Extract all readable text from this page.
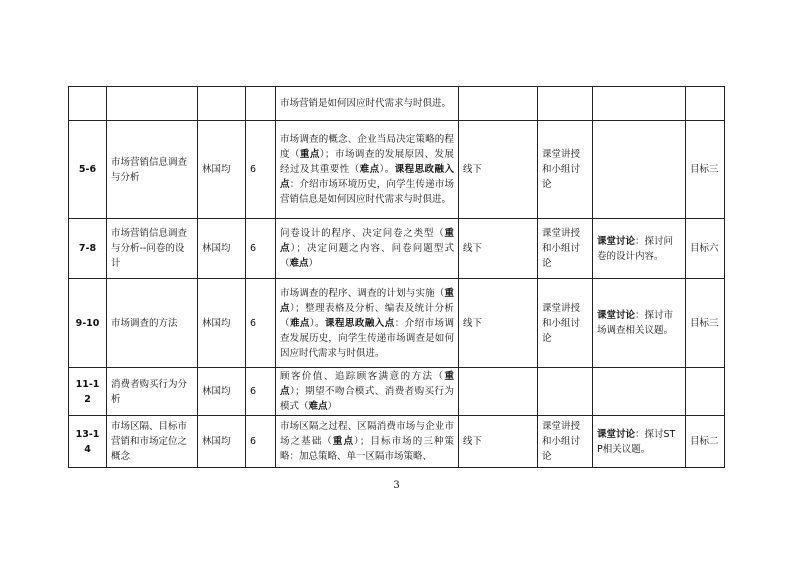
				市场营销是如何因应时代需求与时俱进。				
5-6	市场营销信息调查与分析	林国均	6	市场调查的概念、企业当局决定策略的程度（重点）；市场调查的发展原因、发展经过及其重要性（难点）。课程思政融入点：介绍市场环境历史，向学生传递市场营销信息是如何因应时代需求与时俱进。	线下	课堂讲授和小组讨论		目标三
7-8	市场营销信息调查与分析--问卷的设计	林国均	6	问卷设计的程序、决定问卷之类型（重点）；决定问题之内容、问卷问题型式（难点）	线下	课堂讲授和小组讨论	课堂讨论：探讨问卷的设计内容。	目标六
9-10	市场调查的方法	林国均	6	市场调查的程序、调查的计划与实施（重点）；整理表格及分析、编表及统计分析（难点）。课程思政融入点：介绍市场调查发展历史，向学生传递市场调查是如何因应时代需求与时俱进。	线下	课堂讲授和小组讨论	课堂讨论：探讨市场调查相关议题。	目标三
11-12	消费者购买行为分析	林国均	6	顾客价值、追踪顾客满意的方法（重点）；期望不吻合模式、消费者购买行为模式（难点）				
13-14	市场区隔、目标市营销和市场定位之概念	林国均	6	市场区隔之过程、区隔消费市场与企业市场之基础（重点）；目标市场的三种策略：加总策略、单一区隔市场策略、	线下	课堂讲授和小组讨论	课堂讨论：探讨STP相关议题。	目标二
3
